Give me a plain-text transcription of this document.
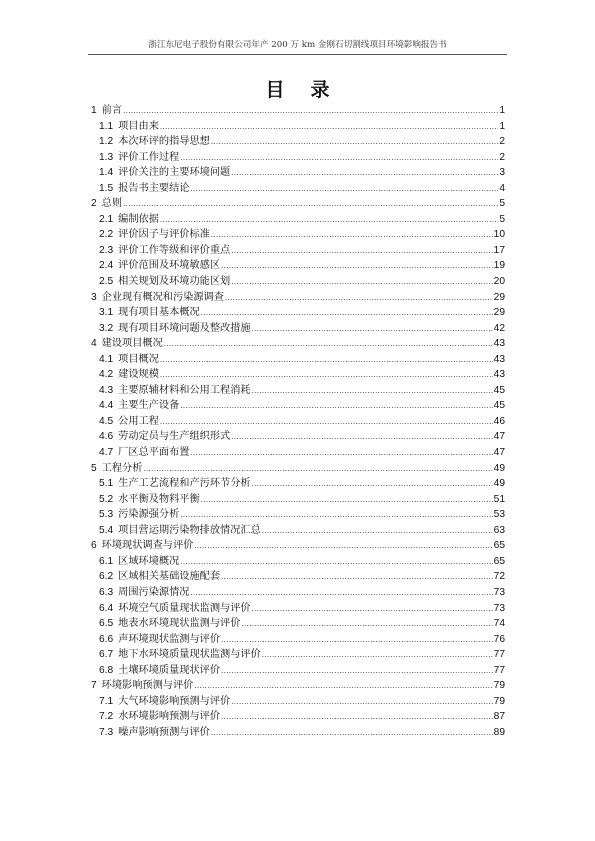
浙江东尼电子股份有限公司年产 200 万 km 金刚石切割线项目环境影响报告书
目 录
1 前言 .....	1
1.1 项目由来 .....	1
1.2 本次环评的指导思想 .....	2
1.3 评价工作过程 .....	2
1.4 评价关注的主要环境问题 .....	3
1.5 报告书主要结论 .....	4
2 总则 .....	5
2.1 编制依据 .....	5
2.2 评价因子与评价标准 .....	10
2.3 评价工作等级和评价重点 .....	17
2.4 评价范围及环境敏感区 .....	19
2.5 相关规划及环境功能区划 .....	20
3 企业现有概况和污染源调查 .....	29
3.1 现有项目基本概况 .....	29
3.2 现有项目环境问题及整改措施 .....	42
4 建设项目概况 .....	43
4.1 项目概况 .....	43
4.2 建设规模 .....	43
4.3 主要原辅材料和公用工程消耗 .....	45
4.4 主要生产设备 .....	45
4.5 公用工程 .....	46
4.6 劳动定员与生产组织形式 .....	47
4.7 厂区总平面布置 .....	47
5 工程分析 .....	49
5.1 生产工艺流程和产污环节分析 .....	49
5.2 水平衡及物料平衡 .....	51
5.3 污染源强分析 .....	53
5.4 项目营运期污染物排放情况汇总 .....	63
6 环境现状调查与评价 .....	65
6.1 区域环境概况 .....	65
6.2 区域相关基础设施配套 .....	72
6.3 周围污染源情况 .....	73
6.4 环境空气质量现状监测与评价 .....	73
6.5 地表水环境现状监测与评价 .....	74
6.6 声环境现状监测与评价 .....	76
6.7 地下水环境质量现状监测与评价 .....	77
6.8 土壤环境质量现状评价 .....	77
7 环境影响预测与评价 .....	79
7.1 大气环境影响预测与评价 .....	79
7.2 水环境影响预测与评价 .....	87
7.3 噪声影响预测与评价 .....	89
